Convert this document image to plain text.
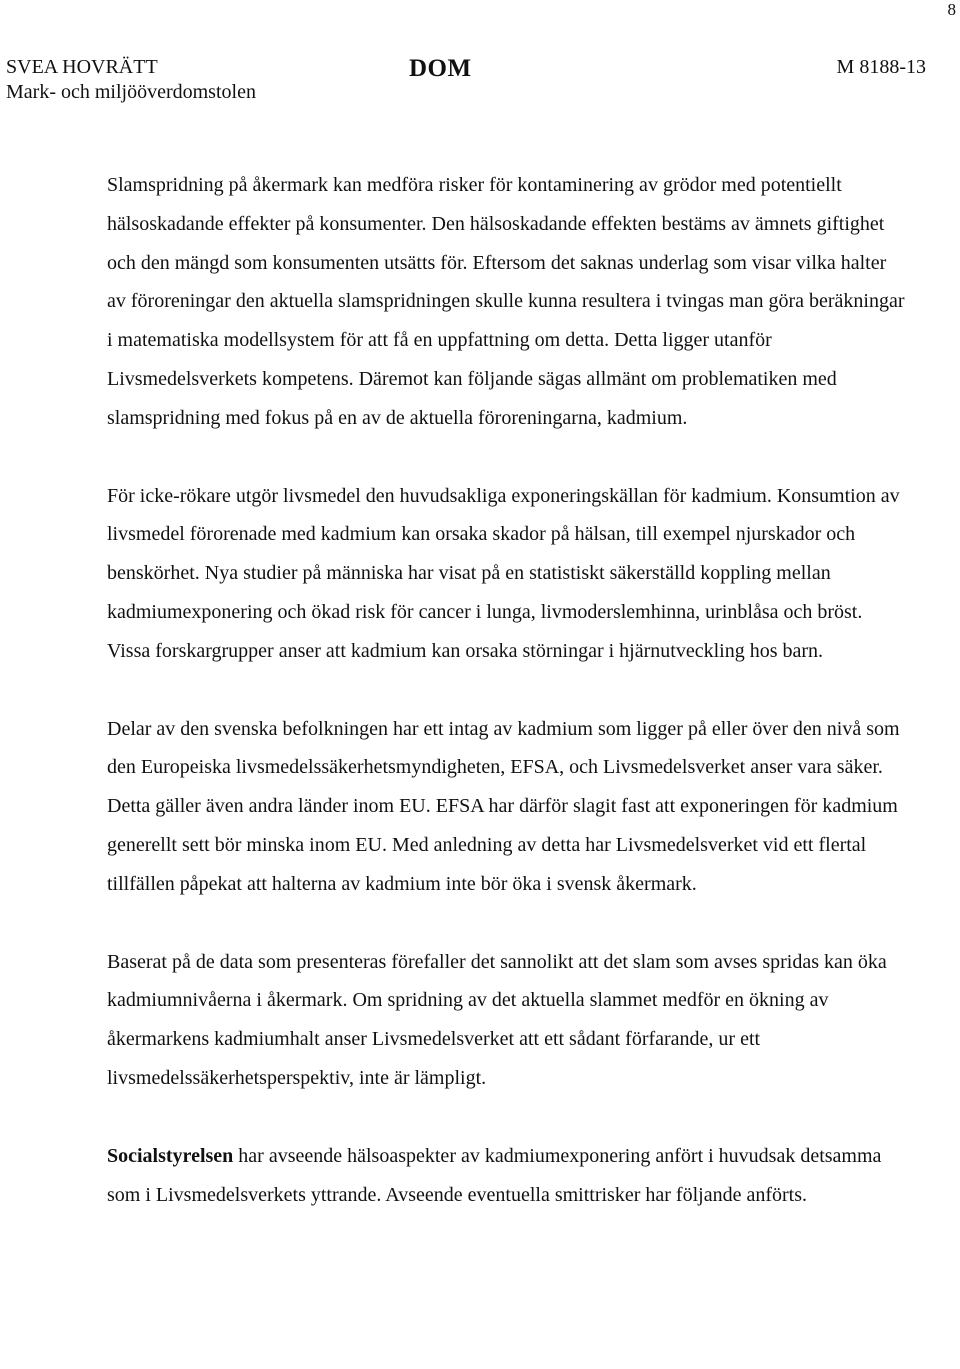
8
SVEA HOVRÄTT
Mark- och miljööverdomstolen
DOM	M 8188-13

Slamspridning på åkermark kan medföra risker för kontaminering av grödor med potentiellt hälsoskadande effekter på konsumenter. Den hälsoskadande effekten bestäms av ämnets giftighet och den mängd som konsumenten utsätts för. Eftersom det saknas underlag som visar vilka halter av föroreningar den aktuella slamspridningen skulle kunna resultera i tvingas man göra beräkningar i matematiska modellsystem för att få en uppfattning om detta. Detta ligger utanför Livsmedelsverkets kompetens. Däremot kan följande sägas allmänt om problematiken med slamspridning med fokus på en av de aktuella föroreningarna, kadmium.

För icke-rökare utgör livsmedel den huvudsakliga exponeringskällan för kadmium. Konsumtion av livsmedel förorenade med kadmium kan orsaka skador på hälsan, till exempel njurskador och benskörhet. Nya studier på människa har visat på en statistiskt säkerställd koppling mellan kadmiumexponering och ökad risk för cancer i lunga, livmoderslemhinna, urinblåsa och bröst. Vissa forskargrupper anser att kadmium kan orsaka störningar i hjärnutveckling hos barn.

Delar av den svenska befolkningen har ett intag av kadmium som ligger på eller över den nivå som den Europeiska livsmedelssäkerhetsmyndigheten, EFSA, och Livsmedelsverket anser vara säker. Detta gäller även andra länder inom EU. EFSA har därför slagit fast att exponeringen för kadmium generellt sett bör minska inom EU. Med anledning av detta har Livsmedelsverket vid ett flertal tillfällen påpekat att halterna av kadmium inte bör öka i svensk åkermark.

Baserat på de data som presenteras förefaller det sannolikt att det slam som avses spridas kan öka kadmiumnivåerna i åkermark. Om spridning av det aktuella slammet medför en ökning av åkermarkens kadmiumhalt anser Livsmedelsverket att ett sådant förfarande, ur ett livsmedelssäkerhetsperspektiv, inte är lämpligt.

Socialstyrelsen har avseende hälsoaspekter av kadmiumexponering anfört i huvudsak detsamma som i Livsmedelsverkets yttrande. Avseende eventuella smittrisker har följande anförts.
